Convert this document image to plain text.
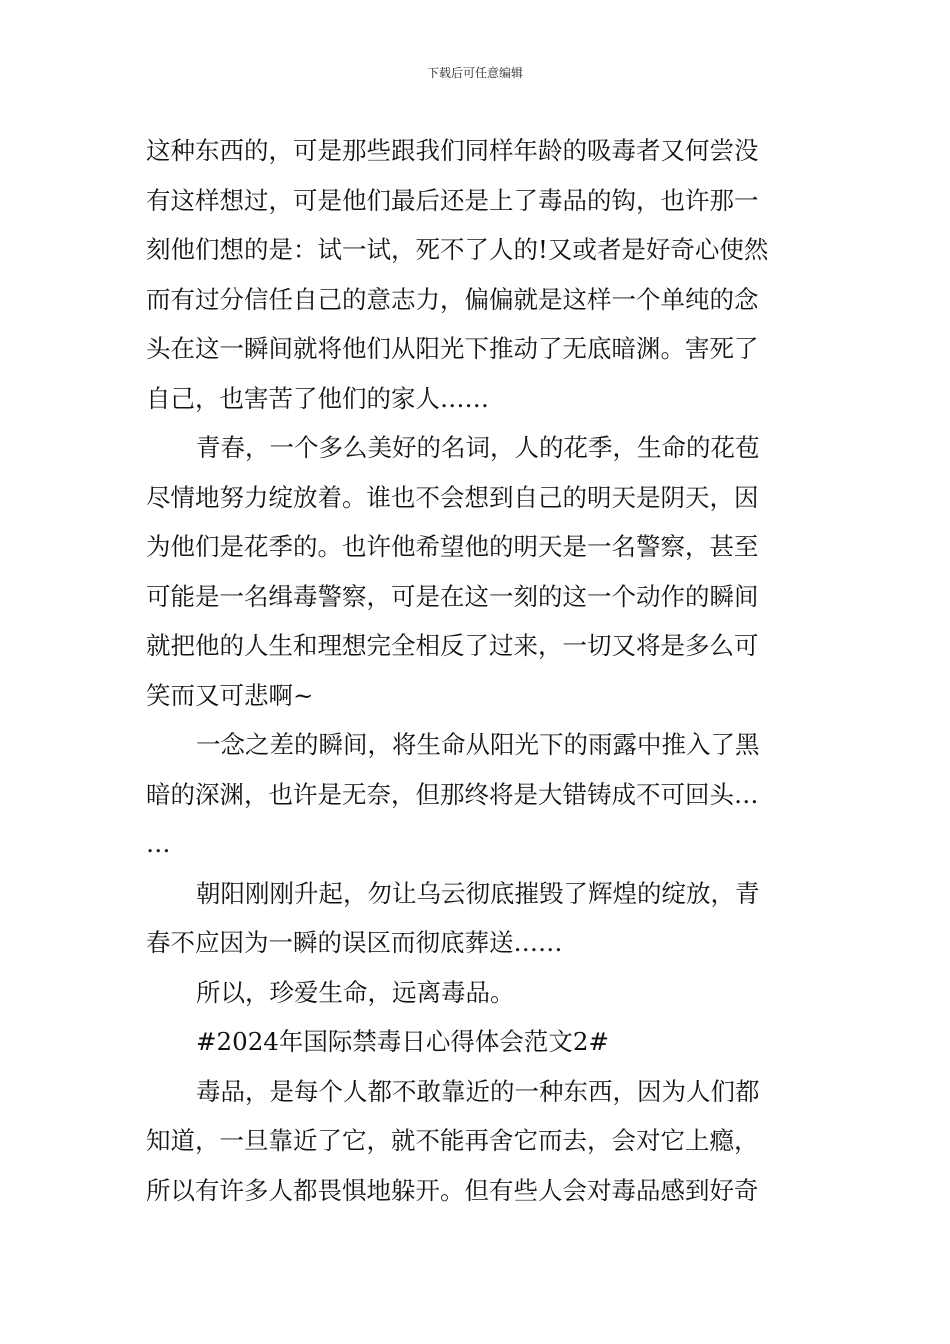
下载后可任意编辑
这种东西的，可是那些跟我们同样年龄的吸毒者又何尝没
有这样想过，可是他们最后还是上了毒品的钩，也许那一
刻他们想的是：试一试，死不了人的!又或者是好奇心使然
而有过分信任自己的意志力，偏偏就是这样一个单纯的念
头在这一瞬间就将他们从阳光下推动了无底暗渊。害死了
自己，也害苦了他们的家人……
青春，一个多么美好的名词，人的花季，生命的花苞
尽情地努力绽放着。谁也不会想到自己的明天是阴天，因
为他们是花季的。也许他希望他的明天是一名警察，甚至
可能是一名缉毒警察，可是在这一刻的这一个动作的瞬间
就把他的人生和理想完全相反了过来，一切又将是多么可
笑而又可悲啊~
一念之差的瞬间，将生命从阳光下的雨露中推入了黑
暗的深渊，也许是无奈，但那终将是大错铸成不可回头…
…
朝阳刚刚升起，勿让乌云彻底摧毁了辉煌的绽放，青
春不应因为一瞬的误区而彻底葬送……
所以，珍爱生命，远离毒品。
#2024年国际禁毒日心得体会范文2#
毒品，是每个人都不敢靠近的一种东西，因为人们都
知道，一旦靠近了它，就不能再舍它而去，会对它上瘾，
所以有许多人都畏惧地躲开。但有些人会对毒品感到好奇
